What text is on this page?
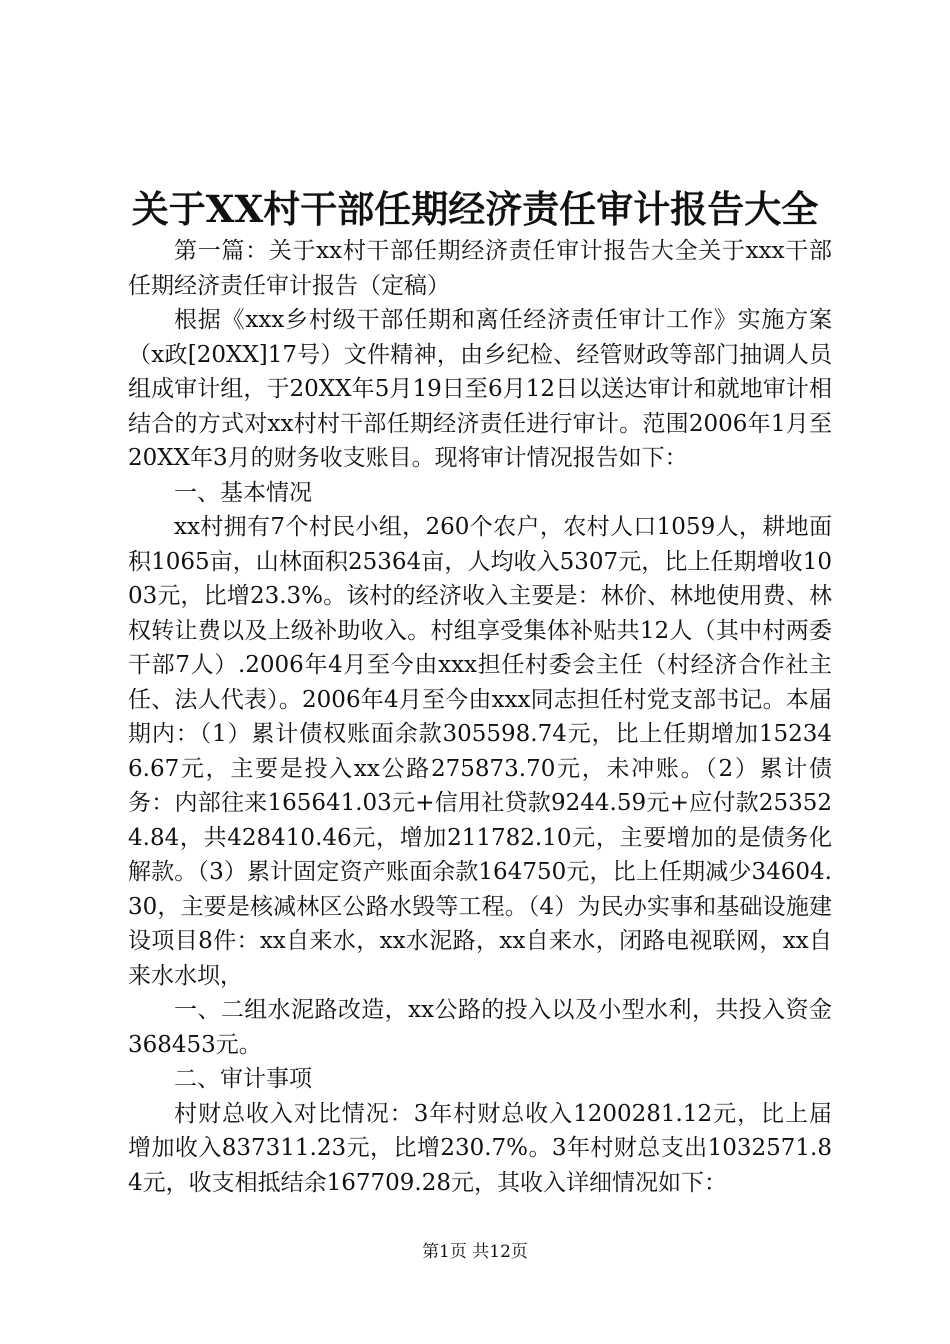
关于XX村干部任期经济责任审计报告大全

第一篇：关于xx村干部任期经济责任审计报告大全关于xxx干部任期经济责任审计报告（定稿）

根据《xxx乡村级干部任期和离任经济责任审计工作》实施方案（x政[20XX]17号）文件精神，由乡纪检、经管财政等部门抽调人员组成审计组，于20XX年5月19日至6月12日以送达审计和就地审计相结合的方式对xx村村干部任期经济责任进行审计。范围2006年1月至20XX年3月的财务收支账目。现将审计情况报告如下：

一、基本情况

xx村拥有7个村民小组，260个农户，农村人口1059人，耕地面积1065亩，山林面积25364亩，人均收入5307元，比上任期增收1003元，比增23.3%。该村的经济收入主要是：林价、林地使用费、林权转让费以及上级补助收入。村组享受集体补贴共12人（其中村两委干部7人）.2006年4月至今由xxx担任村委会主任（村经济合作社主任、法人代表）。2006年4月至今由xxx同志担任村党支部书记。本届期内：（1）累计债权账面余款305598.74元，比上任期增加152346.67元，主要是投入xx公路275873.70元，未冲账。（2）累计债务：内部往来165641.03元+信用社贷款9244.59元+应付款253524.84，共428410.46元，增加211782.10元，主要增加的是债务化解款。（3）累计固定资产账面余款164750元，比上任期减少34604.30，主要是核减林区公路水毁等工程。（4）为民办实事和基础设施建设项目8件：xx自来水，xx水泥路，xx自来水，闭路电视联网，xx自来水水坝，

一、二组水泥路改造，xx公路的投入以及小型水利，共投入资金368453元。

二、审计事项

村财总收入对比情况：3年村财总收入1200281.12元，比上届增加收入837311.23元，比增230.7%。3年村财总支出1032571.84元，收支相抵结余167709.28元，其收入详细情况如下：

第1页 共12页
